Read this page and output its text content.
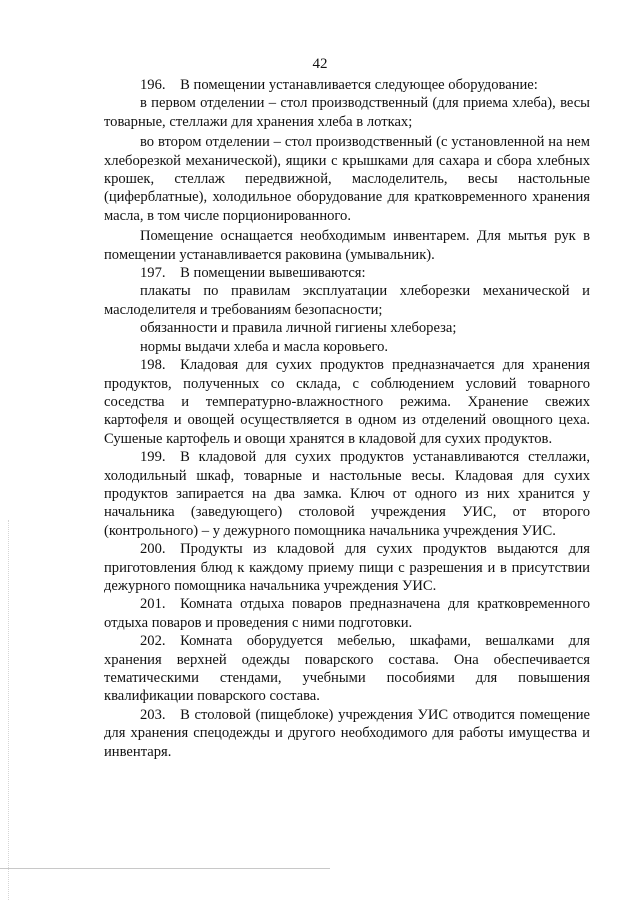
42

196. В помещении устанавливается следующее оборудование:

в первом отделении – стол производственный (для приема хлеба), весы товарные, стеллажи для хранения хлеба в лотках;

во втором отделении – стол производственный (с установленной на нем хлеборезкой механической), ящики с крышками для сахара и сбора хлебных крошек, стеллаж передвижной, маслоделитель, весы настольные (циферблатные), холодильное оборудование для кратковременного хранения масла, в том числе порционированного.

Помещение оснащается необходимым инвентарем. Для мытья рук в помещении устанавливается раковина (умывальник).

197. В помещении вывешиваются:

плакаты по правилам эксплуатации хлеборезки механической и маслоделителя и требованиям безопасности;

обязанности и правила личной гигиены хлебореза;

нормы выдачи хлеба и масла коровьего.

198. Кладовая для сухих продуктов предназначается для хранения продуктов, полученных со склада, с соблюдением условий товарного соседства и температурно-влажностного режима. Хранение свежих картофеля и овощей осуществляется в одном из отделений овощного цеха. Сушеные картофель и овощи хранятся в кладовой для сухих продуктов.

199. В кладовой для сухих продуктов устанавливаются стеллажи, холодильный шкаф, товарные и настольные весы. Кладовая для сухих продуктов запирается на два замка. Ключ от одного из них хранится у начальника (заведующего) столовой учреждения УИС, от второго (контрольного) – у дежурного помощника начальника учреждения УИС.

200. Продукты из кладовой для сухих продуктов выдаются для приготовления блюд к каждому приему пищи с разрешения и в присутствии дежурного помощника начальника учреждения УИС.

201. Комната отдыха поваров предназначена для кратковременного отдыха поваров и проведения с ними подготовки.

202. Комната оборудуется мебелью, шкафами, вешалками для хранения верхней одежды поварского состава. Она обеспечивается тематическими стендами, учебными пособиями для повышения квалификации поварского состава.

203. В столовой (пищеблоке) учреждения УИС отводится помещение для хранения спецодежды и другого необходимого для работы имущества и инвентаря.
